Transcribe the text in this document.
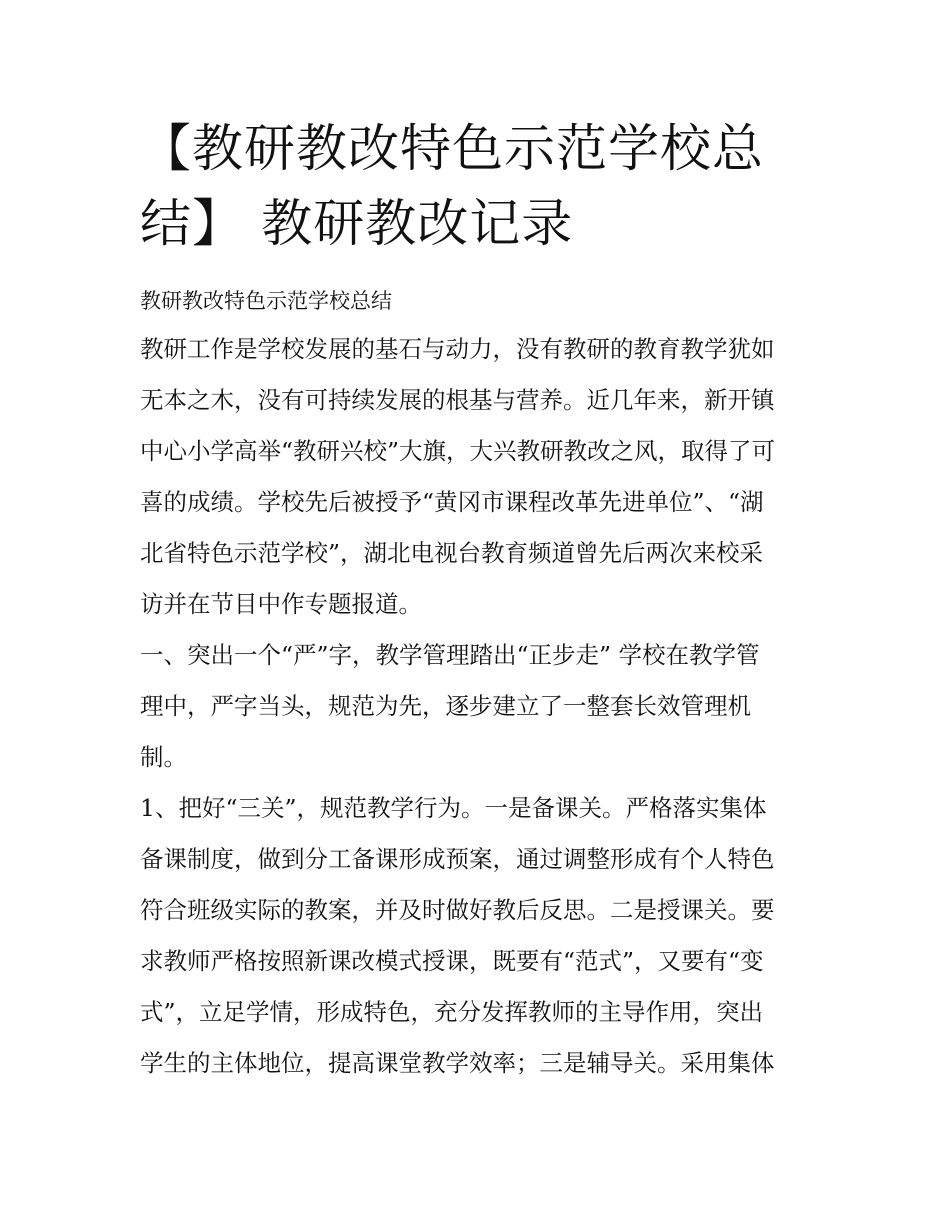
【教研教改特色示范学校总
结】 教研教改记录
教研教改特色示范学校总结
教研工作是学校发展的基石与动力，没有教研的教育教学犹如
无本之木，没有可持续发展的根基与营养。近几年来，新开镇
中心小学高举“教研兴校”大旗，大兴教研教改之风，取得了可
喜的成绩。学校先后被授予“黄冈市课程改革先进单位”、“湖
北省特色示范学校”，湖北电视台教育频道曾先后两次来校采
访并在节目中作专题报道。
一、突出一个“严”字，教学管理踏出“正步走” 学校在教学管
理中，严字当头，规范为先，逐步建立了一整套长效管理机
制。
1、把好“三关”，规范教学行为。一是备课关。严格落实集体
备课制度，做到分工备课形成预案，通过调整形成有个人特色
符合班级实际的教案，并及时做好教后反思。二是授课关。要
求教师严格按照新课改模式授课，既要有“范式”，又要有“变
式”，立足学情，形成特色，充分发挥教师的主导作用，突出
学生的主体地位，提高课堂教学效率；三是辅导关。采用集体
